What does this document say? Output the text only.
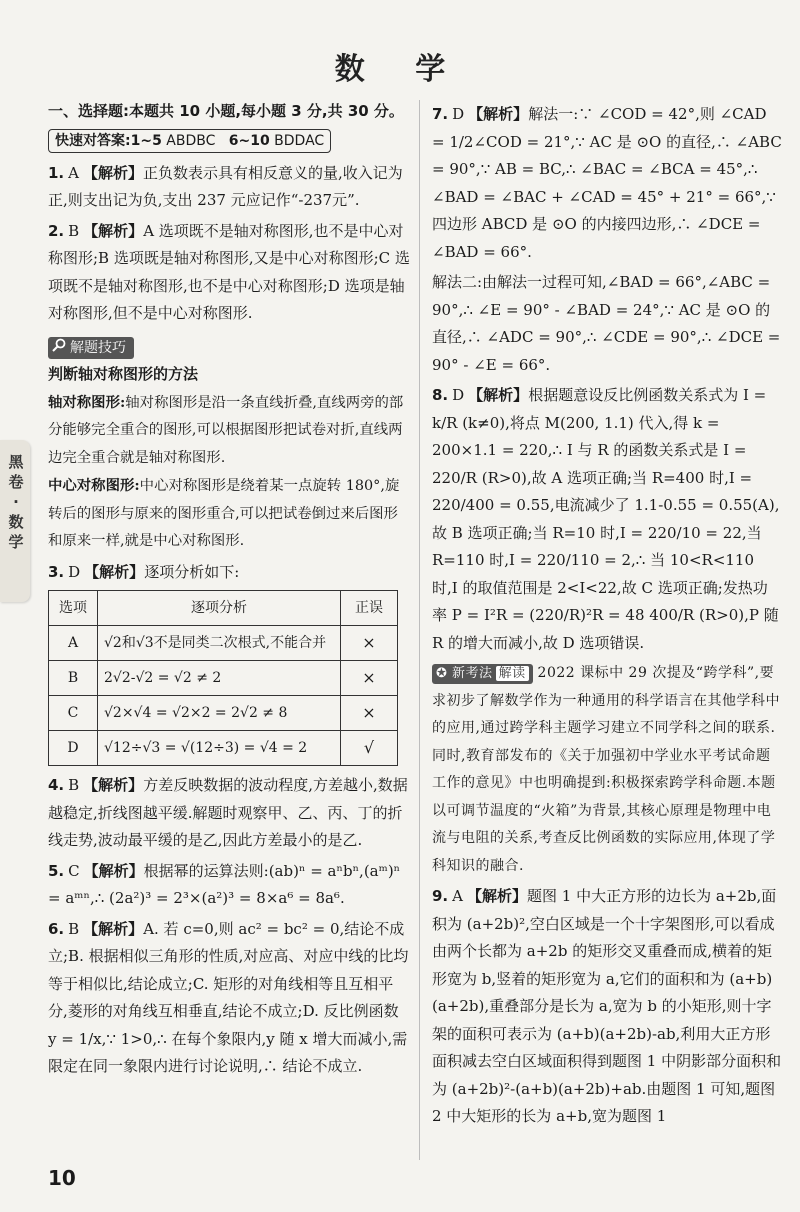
数 学
黑卷·数学
一、选择题:本题共 10 小题,每小题 3 分,共 30 分。
快速对答案:1~5 ABDBC 6~10 BDDAC

1. A 【解析】正负数表示具有相反意义的量,收入记为正,则支出记为负,支出 237 元应记作“-237元”.

2. B 【解析】A 选项既不是轴对称图形,也不是中心对称图形;B 选项既是轴对称图形,又是中心对称图形;C 选项既不是轴对称图形,也不是中心对称图形;D 选项是轴对称图形,但不是中心对称图形.

解题技巧

判断轴对称图形的方法

轴对称图形:轴对称图形是沿一条直线折叠,直线两旁的部分能够完全重合的图形,可以根据图形把试卷对折,直线两边完全重合就是轴对称图形.

中心对称图形:中心对称图形是绕着某一点旋转 180°,旋转后的图形与原来的图形重合,可以把试卷倒过来后图形和原来一样,就是中心对称图形.

3. D 【解析】逐项分析如下:

选项	逐项分析	正误
A	√2和√3不是同类二次根式,不能合并	×
B	2√2-√2 = √2 ≠ 2	×
C	√2×√4 = √2×2 = 2√2 ≠ 8	×
D	√12÷√3 = √(12÷3) = √4 = 2	√

4. B 【解析】方差反映数据的波动程度,方差越小,数据越稳定,折线图越平缓.解题时观察甲、乙、丙、丁的折线走势,波动最平缓的是乙,因此方差最小的是乙.

5. C 【解析】根据幂的运算法则:(ab)ⁿ = aⁿbⁿ,(aᵐ)ⁿ = aᵐⁿ,∴ (2a²)³ = 2³×(a²)³ = 8×a⁶ = 8a⁶.

6. B 【解析】A. 若 c=0,则 ac² = bc² = 0,结论不成立;B. 根据相似三角形的性质,对应高、对应中线的比均等于相似比,结论成立;C. 矩形的对角线相等且互相平分,菱形的对角线互相垂直,结论不成立;D. 反比例函数 y = 1/x,∵ 1>0,∴ 在每个象限内,y 随 x 增大而减小,需限定在同一象限内进行讨论说明,∴ 结论不成立.

7. D 【解析】解法一:∵ ∠COD = 42°,则 ∠CAD = 1/2∠COD = 21°,∵ AC 是 ⊙O 的直径,∴ ∠ABC = 90°,∵ AB = BC,∴ ∠BAC = ∠BCA = 45°,∴ ∠BAD = ∠BAC + ∠CAD = 45° + 21° = 66°,∵ 四边形 ABCD 是 ⊙O 的内接四边形,∴ ∠DCE = ∠BAD = 66°.

解法二:由解法一过程可知,∠BAD = 66°,∠ABC = 90°,∴ ∠E = 90° - ∠BAD = 24°,∵ AC 是 ⊙O 的直径,∴ ∠ADC = 90°,∴ ∠CDE = 90°,∴ ∠DCE = 90° - ∠E = 66°.

8. D 【解析】根据题意设反比例函数关系式为 I = k/R (k≠0),将点 M(200, 1.1) 代入,得 k = 200×1.1 = 220,∴ I 与 R 的函数关系式是 I = 220/R (R>0),故 A 选项正确;当 R=400 时,I = 220/400 = 0.55,电流减少了 1.1-0.55 = 0.55(A),故 B 选项正确;当 R=10 时,I = 220/10 = 22,当 R=110 时,I = 220/110 = 2,∴ 当 10<R<110 时,I 的取值范围是 2<I<22,故 C 选项正确;发热功率 P = I²R = (220/R)²R = 48 400/R (R>0),P 随 R 的增大而减小,故 D 选项错误.

✪ 新考法 解读 2022 课标中 29 次提及“跨学科”,要求初步了解数学作为一种通用的科学语言在其他学科中的应用,通过跨学科主题学习建立不同学科之间的联系.同时,教育部发布的《关于加强初中学业水平考试命题工作的意见》中也明确提到:积极探索跨学科命题.本题以可调节温度的“火箱”为背景,其核心原理是物理中电流与电阻的关系,考查反比例函数的实际应用,体现了学科知识的融合.

9. A 【解析】题图 1 中大正方形的边长为 a+2b,面积为 (a+2b)²,空白区域是一个十字架图形,可以看成由两个长都为 a+2b 的矩形交叉重叠而成,横着的矩形宽为 b,竖着的矩形宽为 a,它们的面积和为 (a+b)(a+2b),重叠部分是长为 a,宽为 b 的小矩形,则十字架的面积可表示为 (a+b)(a+2b)-ab,利用大正方形面积减去空白区域面积得到题图 1 中阴影部分面积和为 (a+2b)²-(a+b)(a+2b)+ab.由题图 1 可知,题图 2 中大矩形的长为 a+b,宽为题图 1

10
